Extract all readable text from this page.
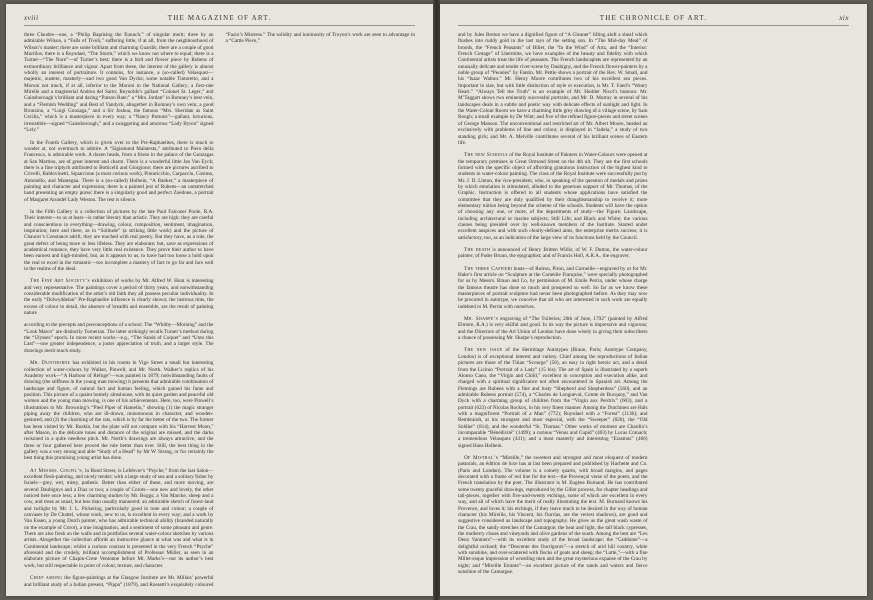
xviii	THE MAGAZINE OF ART.

three Claudes—one, a “Philip Baptising the Eunuch,” of singular merit; three by an admirable Wilson, a “Falls of Tivoli,” suffering little, if at all, from the neighbourhood of Wilson’s master; there are some brilliant and charming Guardis; there are a couple of good Murillos; there is a Ruysdael, “The Storm,” which we know not where to equal; there is a Turner—“The Nore”—of Turner’s best; there is a bird and flower piece by Rubens of extraordinary brilliance and vigour. Apart from these, the interest of the gallery is almost wholly an interest of portraiture. It contains, for instance, a (so-called) Velasquez—majestic, austere, masterly—and two good Van Dycks; some notable Tintoretto, and a Moroni not much, if at all, inferior to the Moroni in the National Gallery; a first-rate Mirelle and a magisterial Andrea del Sarto; Reynolds’s gallant “Colonel St. Leger,” and Gainsborough’s brilliant and daring “Parson Bate;” a “Mrs. Jordan” in Romney’s best vein, and a “Flemish Wedding” and Best of Vandyck, altogether in Romney’s own vein; a good Bronzino, a “Luigi Gonzaga,” and a Sir Joshua, the famous “Mrs. Sheridan as Saint Cecilia,” which is a masterpiece in every way; a “Nancy Parsons”—gallant, luxurious, irresistible—signed “Gainsborough,” and a swaggering and amorous “Lady Byron” signed “Lely.”

In the Fourth Gallery, which is given over to the Pre-Raphaelites, there is much to wonder at, not overmuch to admire. A “Sigismund Malatesta,” attributed to Piero della Francesca, is admirable work. A dozen heads, from a frieze in the palace of the Gonzagas at San Martino, are of great interest and charm. There is a wonderful little Jan Van Eyck; there is a fine triptych attributed to Botticelli and Giorgione; there are pictures ascribed to Crivelli, Baldovinetti, Squarcione (a most curious work), Pinturicchio, Carpaccio, Cosimo, Antonello, and Mantegna. There is a (so-called) Holbein, “A Banker,” a masterpiece of painting and character and expression; there is a painted jest of Rubens—an outstretched hand presenting an empty purse; there is a singularly good and perfect Zoedone, a portrait of Margaret Arundel Lady Weston. The rest is silence.

In the Fifth Gallery is a collection of pictures by the late Paul Falconer Poole, R.A. Their interest—to us at least—is rather literary than artistic. They are high; they are careful and conscientious in everything—drawing, colour, composition, sentiment, imagination, inspiration; here and there, as in “Solitude” (a striking little work) and the picture of Chaucer’s Constance adrift, they are touched with real poetry. But they have, as a rule, the great defect of being more or less lifeless. They are elaborate; but, save as expressions of academical romance, they have very little real existence. They prove their author to have been earnest and high-minded, but, as it appears to us, to have had too loose a hold upon the real to excel in the romantic—too incomplete a mastery of fact to go far and fare well in the realms of the ideal.

The Fine Art Society’s exhibition of works by Mr. Alfred W. Hunt is interesting and very representative. The paintings cover a period of thirty years, and notwithstanding considerable modification of the artist’s old faith they all possess peculiar individuality. In the early “Dolwyddelan” Pre-Raphaelite influence is clearly shown; the lustrous tints, the excess of colour in detail, the absence of breadth and ensemble, are the result of painting nature

according to the precepts and preconceptions of a school. The “Whitby—Morning” and the “Look Marco” are distinctly Turnerian. The latter strikingly recalls Turner’s method during the “Ulysses” epoch. In more recent works—e.g., “The Sands of Coquet” and “Unto this Last”—one greater independence, a juster appreciation of truth, and a larger style. The drawings merit much study.

Mr. Dunthorne has exhibited in his rooms in Vigo Street a small but interesting collection of water-colours by Walker, Pinwell, and Mr. North. Walker’s replica of his Academy work—“A Harbour of Refuge”—was painted in 1879; notwithstanding faults of drawing (the stiffness in the young man mowing) it presents that admirable combination of landscape and figure, of natural fact and human feeling, which gained his fame and position. This picture of a quaint homely almshouse, with its quiet garden and peaceful old women and the young man mowing, is one of his achievements. Here, too, were Pinwell’s illustrations to Mr. Browning’s “Pied Piper of Hamelin,” showing (1) the magic stranger piping away the children, who are ill-drawn, monotonous in character, and wooden-gestured; and (2) the charming of the rats, which is by far the better of the two. The former has been visited by Mr. Ruskin, but the plate will not compare with his “Harvest Moon,” after Mason, in the delicate tones and distance of the original are missed, and the darks reckoned in a quite needless pitch. Mr. North’s drawings are always attractive, and the three or four gathered here proved the rule better than ever. Still, the best thing in the gallery was a very strong and able “Study of a Head” by Mr W. Strang, or for certainly the best thing this promising young artist has done.

At Messrs. Goupil’s, in Bond Street, is Lefebvre’s “Psyche,” from the last Salon—excellent flesh-painting, and nicely tender; with a large study of sea and a solitary fisher by Israels—grey, wet, misty, pathetic. Better than either of these, and more moving, are several Daubignys and a Diaz or two; a couple of Corots—one new and lovely, the other noticed here once less; a few charming studies by Mr. Boggs; a Van Marcke, sheep and a cow, and trees as usual, but less than usually mannered; an admirable sketch of forest-land and twilight by Mr. J. L. Pickering, particularly good in tone and colour; a couple of canvases by De Chattel, whose work, new to us, is excellent in every way; and a work by Van Essen, a young Dutch painter, who has admirable technical ability (branded naturally on the example of Corot), a true imagination, and a sentiment of some pleasant and genre. There are also fresh on the walls and in portfolios several water-colour sketches by various artists. Altogether the collection affords an instructive glance at what was and what is in Continental landscape; whilst a curious contrast is presented in the very French “Psyche” aforesaid and the crudely, brilliant accomplishment of Professor Müller, as seen in an elaborate picture of Chapin-Crete Ventonne before Mr. Marks’s—not its author’s best work, but still respectable in point of colour, texture, and character.

Chief among the figure-paintings at the Glasgow Institute are Mr. Millais’ powerful and brilliant study of a Indian present, “Pippa” (1879), and Rossetti’s exquisitely coloured “Fazio’s Mistress.” The solidity and luminosity of Troyon’s work are seen to advantage in a “Cattle Piece,”

THE CHRONICLE OF ART.	xix

and by Jules Breton we have a dignified figure of “A Gleaner” lifting aloft a sheaf which flushes into ruddy gold in the last rays of the setting sun. In “The Mid-day Meal” of broods, the “French Peasants” of Billet, the “In the Wind” of Artz, and the “Interior: French Cottage” of Lhermitte, we have examples of the beauty and fidelity with which Continental artists treat the life of peasants. The French landscapists are represented by an unusually delicate and tender river-scene by Daubigny, and the French flower-painters by a noble group of “Peonies” by Fantin. Mr. Pettie shows a portrait of the Rev. W. Small, and his “Isaac Walton.” Mr. Henry Moore contributes two of his excellent sea pieces. Important in size, but with little distinction of style or execution, is Mr. T. Faed’s “Weary Heart.” “Always Tell the Truth” is an example of Mr. Hodder Nicol’s humour. Mr. M’Taggart shows two eminently successful portraits, and Mr. D. Murray in several of his landscapes deals in a subtle and poetic way with delicate effects of sunlight and light. In the Water-Colour Room we have a charming little grey drawing of a village scene, by Sam Bough; a small example by De Wint; and five of the refined figure-pieces and street scenes of George Manson. The unconventional and restricted art of Mr. Albert Moore, headed an exclusively with problems of line and colour, is displayed in “Jadeia,” a study of two standing girls; and Mr. A. Melville contributes several of his brilliant scenes of Eastern life.

The new Schools of the Royal Institute of Painters in Water-Colours were opened at the temporary premises in Great Ormond Street on the 4th ult. They are the first schools formed with the specific object of affording gratuitous instruction of the highest kind to students in water-colour painting. The class of the Royal Institute were successfully put by Mr. J. D. Linton, the vice-president, who, in speaking of the question of medals and prizes by which emulation is stimulated, alluded to the generous support of Mr. Thomas, of the Graphic. Instruction is offered to all students whose applications have satisfied the committee that they are duly qualified by their draughtsmanship to receive it; more elementary tuition being beyond the scheme of the schools. Students will have the option of choosing any one, or more, of the departments of study—the Figure; Landscape, including architectural or marine subjects; Still Life; and Black and White; the various classes being presided over by well-known members of the Institute. Started under excellent auspices and with such clearly-defined aims, the enterprise merits success; it is satisfactory, too, as an indication of the large view of its functions held by the Council.

The death is announced of Henry Britten Willis; of W. F. Dutton, the water-colour painter; of Pader Bruun, the epigraphist; and of Francis Holl, A.R.A., the engraver.

The three Caffieri busts—of Rotrou, Piron, and Corneille—engraved by or for Mr. Hake’s first article on “Sculpture at the Comédie Française,” were specially photographed for us by Messrs. Braun and Co, by permission of M. Emile Perrin, under whose charge the famous theatre has done so much and prospered so well. So far as we know these masterpieces of portrait sculpture had never been photographed before. As they may now be procured in autotype, we conceive that all who are interested in such work are equally indebted to M. Perrin with ourselves.

Mr. Sharpe’s engraving of “The Tuileries; 20th of June, 1792” (painted by Alfred Elmore, R.A.) is very skilful and good. In its way the picture is impressive and vigorous; and the Directors of the Art Union of London have done wisely in giving their subscribers a chance of possessing Mr. Sharpe’s reproduction.

The new issue of the Hermitage Autotypes (Braun, Paris; Autotype Company, London) is of exceptional interest and variety. Chief among the reproductions of Italian pictures are those of the Titian “Scourge” (58), an easy in right heroic act, and a detail from the Licinio “Portrait of a Lady” (15 bis). The art of Spain is illustrated by a superb Alonso Cano, the “Virgin and Child,” excellent in conception and execution alike, and charged with a spiritual significance not often encountered in Spanish art. Among the Flemings are Rubens with a fine and lusty “Shepherd and Shepherdess” (560), and an admirable Rubens portrait (574), a “Charles de Longueval, Comte de Bucquoy,” and Van Dyck with a charming group of children from the “Virgin aux Perdrix” (603), and a portrait (623) of Nicolas Rockox, in his very finest manner. Among the Dutchmen are Hals with a magnificent “Portrait of a Man” (772); Ruysdael with a “Forest” (1136); and Rembrandt, at his strongest and most especial, with the “Sweeper” (820), the “Old Soldier” (814), and the wonderful “St. Thomas.” Other works of moment are Chardin’s incomparable “Bénédicité” (1499); a curious “Venus and Cupid” (403) by Lucas Cranach; a tremendous Velasquez (431); and a most masterly and interesting “Erasmus” (466) signed Hans Holbein.

Of Mistral’s “Mireille,” the sweetest and strongest and most eloquent of modern pastorals, an édition de luxe has at last been prepared and published by Hachette and Co. (Paris and London). The volume is a comely quarto, with broad margins, and pages decorated with a frame of red line for the text—the Provençal verse of the poem, and the French translation by the poet. The illustrator is M. Eugène Burnand. He has contributed some twenty graceful drawings, reproduced by the Gillot process, for chapter headings and tail-pieces, together with five-and-twenty etchings, some of which are excellent in every way, and all of which have the merit of really illustrating the text. M. Burnand knows his Provence, and loves it; his etchings, if they leave much to be desired in the way of human character (his Mireille, his Vincent, his Ourrias, are the veriest shadows), are good and suggestive considered as landscape and topography. He gives us the great wash waste of the Crau, the sandy stretches of the Camargue; the heat and light, the tall black cypresses, the mulberry closes and vineyards and olive gardens of the south. Among the best are “Les Deux Vanniers”—with its excellent study of the broad landscape; the “Caddonte”—a delightful orchard; the “Descente des Ourrigonrs”—a stretch of arid hill country, white with sunshine, and over-scattered with flocks of goats and sheep; the “Lutte,”—with a fine Millet-esque impression of wrestling men and the great mysterious expanse of the Crau by night; and “Mireille Errante”—an excellent picture of the sands and waters and fierce sunshine of the Camargue.
